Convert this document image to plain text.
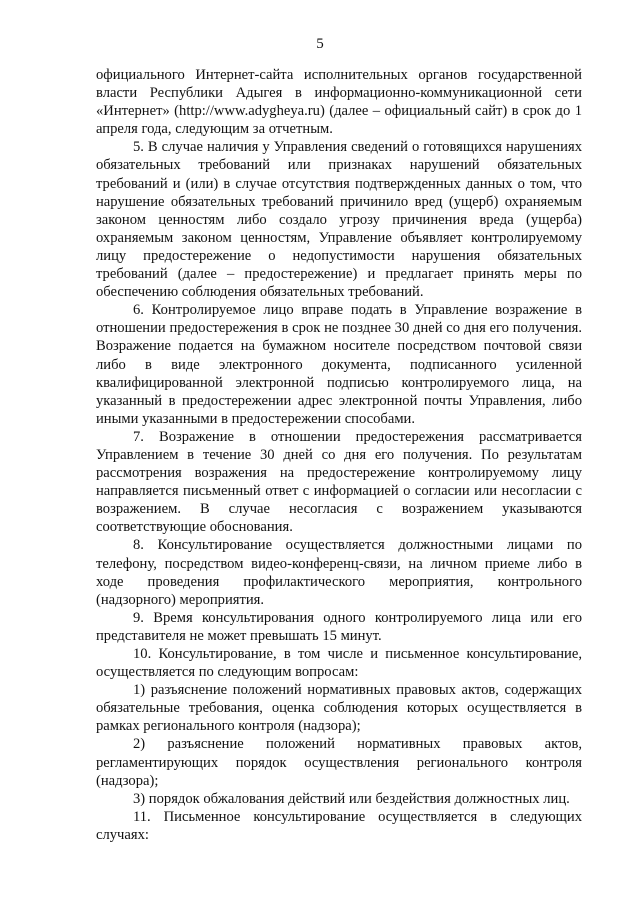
5

официального Интернет-сайта исполнительных органов государственной власти Республики Адыгея в информационно-коммуникационной сети «Интернет» (http://www.adygheya.ru) (далее – официальный сайт) в срок до 1 апреля года, следующим за отчетным.

5. В случае наличия у Управления сведений о готовящихся нарушениях обязательных требований или признаках нарушений обязательных требований и (или) в случае отсутствия подтвержденных данных о том, что нарушение обязательных требований причинило вред (ущерб) охраняемым законом ценностям либо создало угрозу причинения вреда (ущерба) охраняемым законом ценностям, Управление объявляет контролируемому лицу предостережение о недопустимости нарушения обязательных требований (далее – предостережение) и предлагает принять меры по обеспечению соблюдения обязательных требований.

6. Контролируемое лицо вправе подать в Управление возражение в отношении предостережения в срок не позднее 30 дней со дня его получения. Возражение подается на бумажном носителе посредством почтовой связи либо в виде электронного документа, подписанного усиленной квалифицированной электронной подписью контролируемого лица, на указанный в предостережении адрес электронной почты Управления, либо иными указанными в предостережении способами.

7. Возражение в отношении предостережения рассматривается Управлением в течение 30 дней со дня его получения. По результатам рассмотрения возражения на предостережение контролируемому лицу направляется письменный ответ с информацией о согласии или несогласии с возражением. В случае несогласия с возражением указываются соответствующие обоснования.

8. Консультирование осуществляется должностными лицами по телефону, посредством видео-конференц-связи, на личном приеме либо в ходе проведения профилактического мероприятия, контрольного (надзорного) мероприятия.

9. Время консультирования одного контролируемого лица или его представителя не может превышать 15 минут.

10. Консультирование, в том числе и письменное консультирование, осуществляется по следующим вопросам:

1) разъяснение положений нормативных правовых актов, содержащих обязательные требования, оценка соблюдения которых осуществляется в рамках регионального контроля (надзора);

2) разъяснение положений нормативных правовых актов, регламентирующих порядок осуществления регионального контроля (надзора);

3) порядок обжалования действий или бездействия должностных лиц.

11. Письменное консультирование осуществляется в следующих случаях:
